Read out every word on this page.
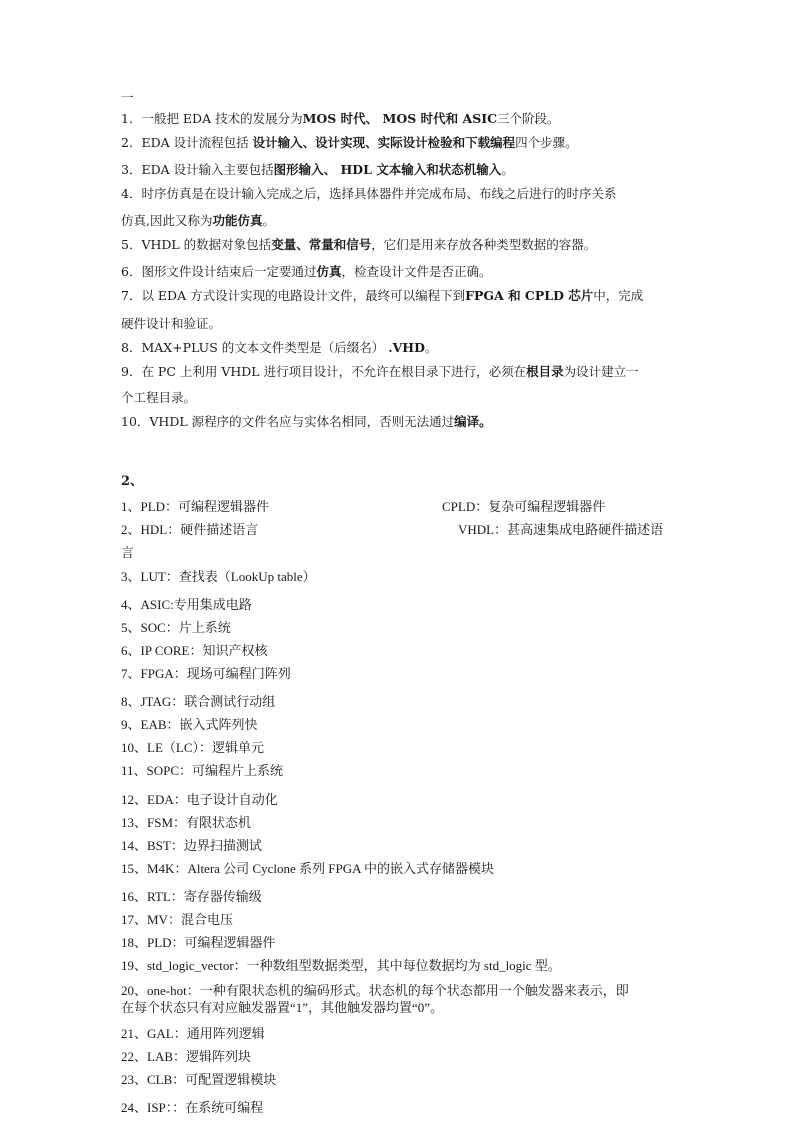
一
1．一般把 EDA 技术的发展分为MOS 时代、 MOS 时代和 ASIC三个阶段。
2．EDA 设计流程包括 设计输入、设计实现、实际设计检验和下载编程四个步骤。
3．EDA 设计输入主要包括图形输入、 HDL 文本输入和状态机输入。
4．时序仿真是在设计输入完成之后，选择具体器件并完成布局、布线之后进行的时序关系
仿真,因此又称为功能仿真。
5．VHDL 的数据对象包括变量、常量和信号，它们是用来存放各种类型数据的容器。
6．图形文件设计结束后一定要通过仿真，检查设计文件是否正确。
7．以 EDA 方式设计实现的电路设计文件，最终可以编程下到FPGA 和 CPLD 芯片中，完成
硬件设计和验证。
8．MAX+PLUS 的文本文件类型是（后缀名） .VHD。
9．在 PC 上利用 VHDL 进行项目设计，不允许在根目录下进行，必须在根目录为设计建立一
个工程目录。
10．VHDL 源程序的文件名应与实体名相同，否则无法通过编译。
2、
1、PLD：可编程逻辑器件	CPLD：复杂可编程逻辑器件
2、HDL：硬件描述语言	VHDL：甚高速集成电路硬件描述语
言
3、LUT：查找表（LookUp table）
4、ASIC:专用集成电路
5、SOC：片上系统
6、IP CORE：知识产权核
7、FPGA：现场可编程门阵列
8、JTAG：联合测试行动组
9、EAB：嵌入式阵列快
10、LE（LC）：逻辑单元
11、SOPC：可编程片上系统
12、EDA：电子设计自动化
13、FSM：有限状态机
14、BST：边界扫描测试
15、M4K：Altera 公司 Cyclone 系列 FPGA 中的嵌入式存储器模块
16、RTL：寄存器传输级
17、MV：混合电压
18、PLD：可编程逻辑器件
19、std_logic_vector：一种数组型数据类型，其中每位数据均为 std_logic 型。
20、one-hot：一种有限状态机的编码形式。状态机的每个状态都用一个触发器来表示，即
在每个状态只有对应触发器置“1”，其他触发器均置“0”。
21、GAL：通用阵列逻辑
22、LAB：逻辑阵列块
23、CLB：可配置逻辑模块
24、ISP：：在系统可编程
